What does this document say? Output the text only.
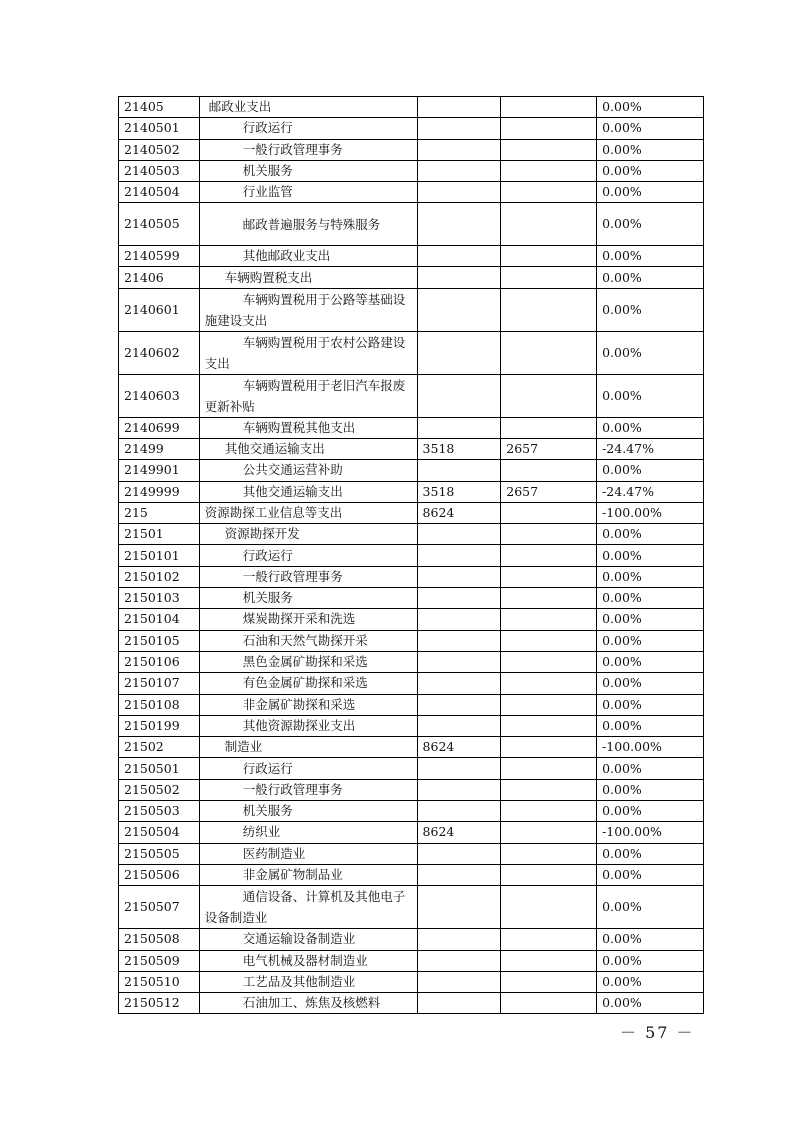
21405	邮政业支出			0.00%
2140501	行政运行			0.00%
2140502	一般行政管理事务			0.00%
2140503	机关服务			0.00%
2140504	行业监管			0.00%
2140505	邮政普遍服务与特殊服务			0.00%
2140599	其他邮政业支出			0.00%
21406	车辆购置税支出			0.00%
2140601	车辆购置税用于公路等基础设施建设支出			0.00%
2140602	车辆购置税用于农村公路建设支出			0.00%
2140603	车辆购置税用于老旧汽车报废更新补贴			0.00%
2140699	车辆购置税其他支出			0.00%
21499	其他交通运输支出	3518	2657	-24.47%
2149901	公共交通运营补助			0.00%
2149999	其他交通运输支出	3518	2657	-24.47%
215	资源勘探工业信息等支出	8624		-100.00%
21501	资源勘探开发			0.00%
2150101	行政运行			0.00%
2150102	一般行政管理事务			0.00%
2150103	机关服务			0.00%
2150104	煤炭勘探开采和洗选			0.00%
2150105	石油和天然气勘探开采			0.00%
2150106	黑色金属矿勘探和采选			0.00%
2150107	有色金属矿勘探和采选			0.00%
2150108	非金属矿勘探和采选			0.00%
2150199	其他资源勘探业支出			0.00%
21502	制造业	8624		-100.00%
2150501	行政运行			0.00%
2150502	一般行政管理事务			0.00%
2150503	机关服务			0.00%
2150504	纺织业	8624		-100.00%
2150505	医药制造业			0.00%
2150506	非金属矿物制品业			0.00%
2150507	通信设备、计算机及其他电子设备制造业			0.00%
2150508	交通运输设备制造业			0.00%
2150509	电气机械及器材制造业			0.00%
2150510	工艺品及其他制造业			0.00%
2150512	石油加工、炼焦及核燃料			0.00%
－ 57 －
